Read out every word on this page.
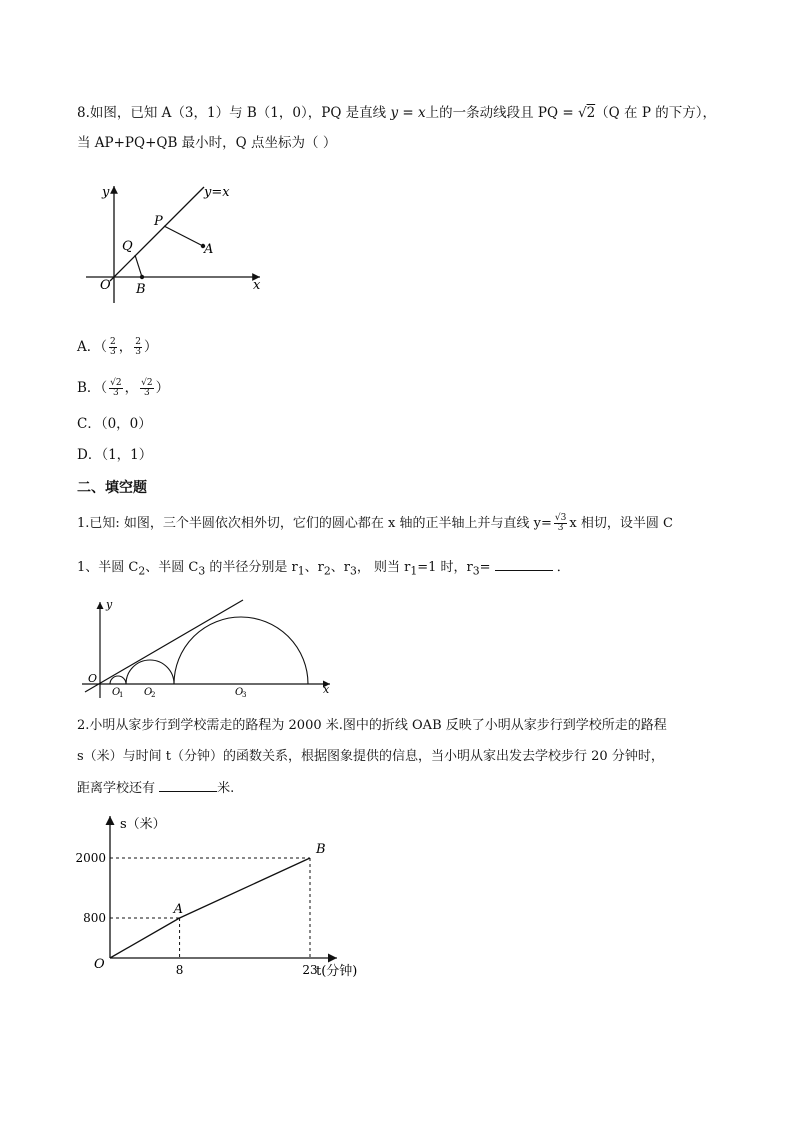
8.如图，已知 A（3，1）与 B（1，0），PQ 是直线 y = x上的一条动线段且 PQ = √2（Q 在 P 的下方），
当 AP+PQ+QB 最小时，Q 点坐标为（ ）
y	y=x
P
Q	A
O B	x
A．（ $\frac{2}{3}$ ， $\frac{2}{3}$ ）
B．（ $\frac{√2}{3}$ ， $\frac{√2}{3}$ ）
C．（0，0）
D．（1，1）
二、填空题
1.已知: 如图，三个半圆依次相外切，它们的圆心都在 x 轴的正半轴上并与直线 $y= \frac{√3}{3}$ x 相切，设半圆 C
1、半圆 $C_2$、半圆 $C_3$ 的半径分别是 $r_1$、$r_2$、$r_3$， 则当 $r_1=1$ 时，$r_3=$	．
y
x
O
O
1 O
2	O
3
2.小明从家步行到学校需走的路程为 2000 米.图中的折线 OAB 反映了小明从家步行到学校所走的路程
s（米）与时间 t（分钟）的函数关系，根据图象提供的信息，当小明从家出发去学校步行 20 分钟时，
距离学校还有	米.
s（米）
t(分钟)
O
A
B
8	23
800
2000
